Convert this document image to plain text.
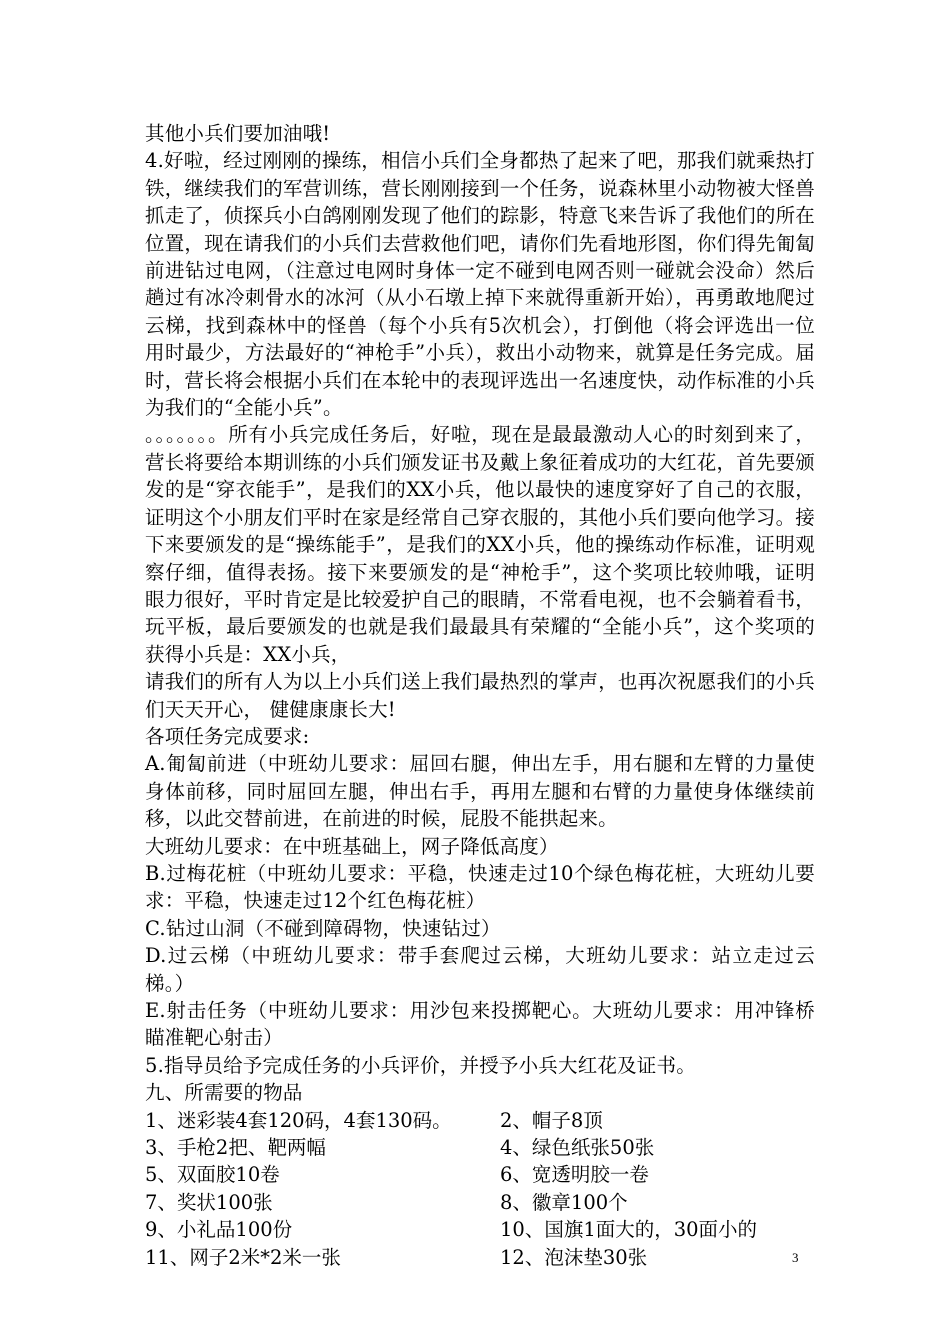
其他小兵们要加油哦!

4.好啦，经过刚刚的操练，相信小兵们全身都热了起来了吧，那我们就乘热打铁，继续我们的军营训练，营长刚刚接到一个任务，说森林里小动物被大怪兽抓走了，侦探兵小白鸽刚刚发现了他们的踪影，特意飞来告诉了我他们的所在位置，现在请我们的小兵们去营救他们吧，请你们先看地形图，你们得先匍匐前进钻过电网，（注意过电网时身体一定不碰到电网否则一碰就会没命）然后趟过有冰冷刺骨水的冰河（从小石墩上掉下来就得重新开始），再勇敢地爬过云梯，找到森林中的怪兽（每个小兵有5次机会），打倒他（将会评选出一位用时最少，方法最好的“神枪手”小兵），救出小动物来，就算是任务完成。届时，营长将会根据小兵们在本轮中的表现评选出一名速度快，动作标准的小兵为我们的“全能小兵”。

。。。。。。。所有小兵完成任务后，好啦，现在是最最激动人心的时刻到来了，营长将要给本期训练的小兵们颁发证书及戴上象征着成功的大红花，首先要颁发的是“穿衣能手”，是我们的XX小兵，他以最快的速度穿好了自己的衣服，证明这个小朋友们平时在家是经常自己穿衣服的，其他小兵们要向他学习。接下来要颁发的是“操练能手”，是我们的XX小兵，他的操练动作标准，证明观察仔细，值得表扬。接下来要颁发的是“神枪手”，这个奖项比较帅哦，证明眼力很好，平时肯定是比较爱护自己的眼睛，不常看电视，也不会躺着看书，玩平板，最后要颁发的也就是我们最最具有荣耀的“全能小兵”，这个奖项的获得小兵是：XX小兵，

请我们的所有人为以上小兵们送上我们最热烈的掌声，也再次祝愿我们的小兵们天天开心， 健健康康长大!

各项任务完成要求:

A.匍匐前进（中班幼儿要求：屈回右腿，伸出左手，用右腿和左臂的力量使身体前移，同时屈回左腿，伸出右手，再用左腿和右臂的力量使身体继续前移，以此交替前进，在前进的时候，屁股不能拱起来。

大班幼儿要求：在中班基础上，网子降低高度）

B.过梅花桩（中班幼儿要求：平稳，快速走过10个绿色梅花桩，大班幼儿要求：平稳，快速走过12个红色梅花桩）

C.钻过山洞（不碰到障碍物，快速钻过）

D.过云梯（中班幼儿要求：带手套爬过云梯，大班幼儿要求：站立走过云梯。）

E.射击任务（中班幼儿要求：用沙包来投掷靶心。大班幼儿要求：用冲锋桥瞄准靶心射击）

5.指导员给予完成任务的小兵评价，并授予小兵大红花及证书。

九、所需要的物品

1、迷彩装4套120码，4套130码。	2、帽子8顶
3、手枪2把、靶两幅	4、绿色纸张50张
5、双面胶10卷	6、宽透明胶一卷
7、奖状100张	8、徽章100个
9、小礼品100份	10、国旗1面大的，30面小的
11、网子2米*2米一张	12、泡沫垫30张	3
